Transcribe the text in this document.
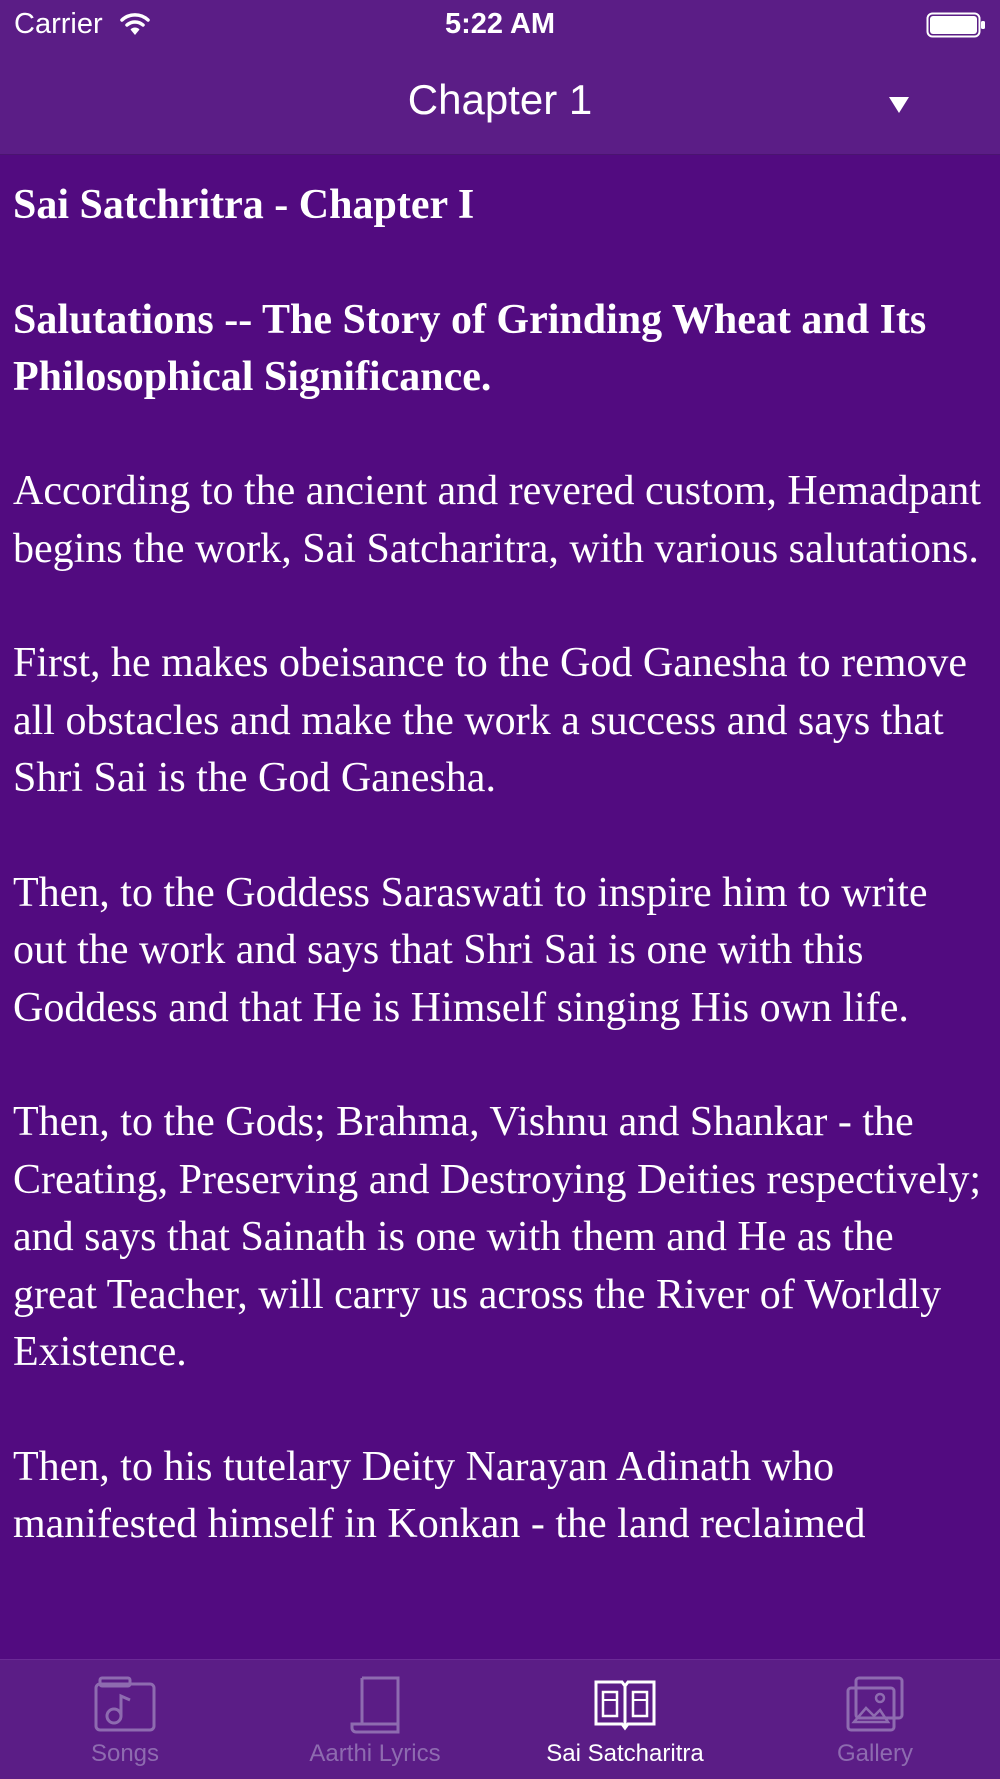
Carrier	5:22 AM
Chapter 1
Sai Satchritra - Chapter I
Salutations -- The Story of Grinding Wheat and Its Philosophical Significance.

According to the ancient and revered custom, Hemadpant begins the work, Sai Satcharitra, with various salutations.

First, he makes obeisance to the God Ganesha to remove all obstacles and make the work a success and says that Shri Sai is the God Ganesha.

Then, to the Goddess Saraswati to inspire him to write out the work and says that Shri Sai is one with this Goddess and that He is Himself singing His own life.

Then, to the Gods; Brahma, Vishnu and Shankar - the Creating, Preserving and Destroying Deities respectively; and says that Sainath is one with them and He as the great Teacher, will carry us across the River of Worldly Existence.

Then, to his tutelary Deity Narayan Adinath who manifested himself in Konkan - the land reclaimed

Songs	Aarthi Lyrics	Sai Satcharitra	Gallery
